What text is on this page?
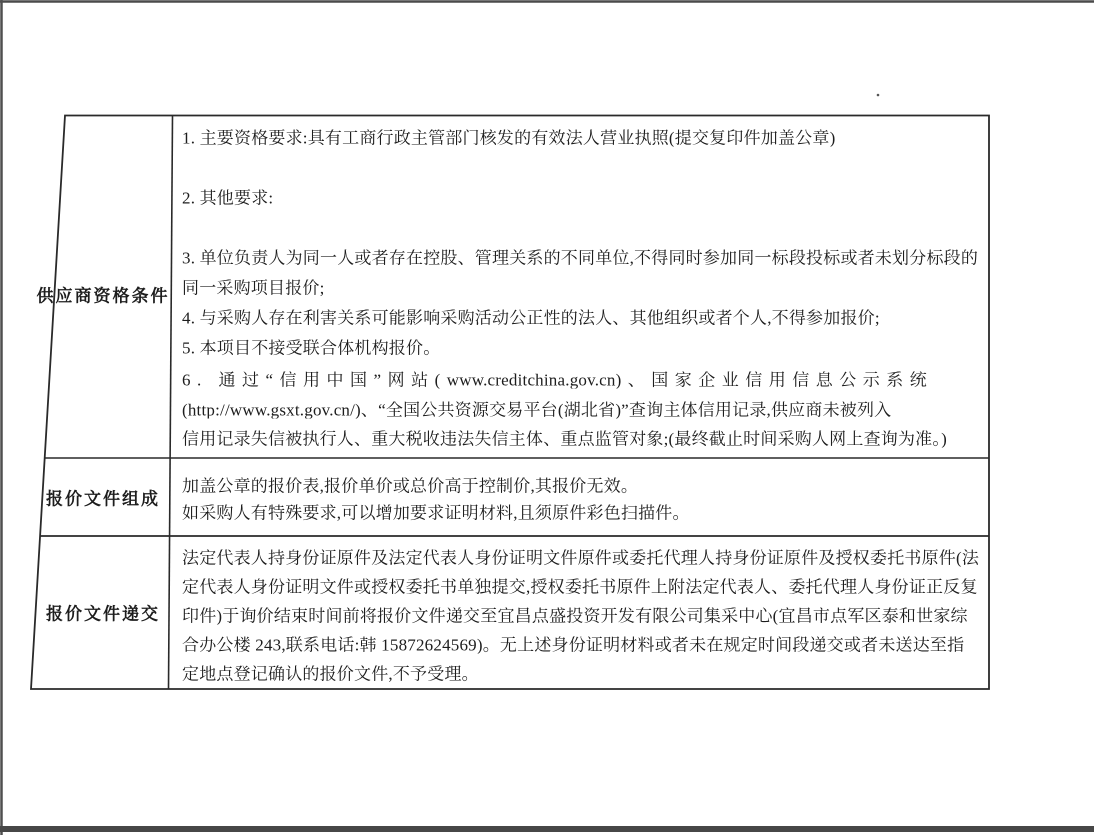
供应商资格条件
1. 主要资格要求:具有工商行政主管部门核发的有效法人营业执照(提交复印件加盖公章)
2. 其他要求:
3. 单位负责人为同一人或者存在控股、管理关系的不同单位,不得同时参加同一标段投标或者未划分标段的
同一采购项目报价;
4. 与采购人存在利害关系可能影响采购活动公正性的法人、其他组织或者个人,不得参加报价;
5. 本项目不接受联合体机构报价。
6. 通过“信用中国”网站(www.creditchina.gov.cn)、国家企业信用信息公示系统
(http://www.gsxt.gov.cn/)、“全国公共资源交易平台(湖北省)”查询主体信用记录,供应商未被列入
信用记录失信被执行人、重大税收违法失信主体、重点监管对象;(最终截止时间采购人网上查询为准。)
报价文件组成
加盖公章的报价表,报价单价或总价高于控制价,其报价无效。
如采购人有特殊要求,可以增加要求证明材料,且须原件彩色扫描件。
报价文件递交
法定代表人持身份证原件及法定代表人身份证明文件原件或委托代理人持身份证原件及授权委托书原件(法
定代表人身份证明文件或授权委托书单独提交,授权委托书原件上附法定代表人、委托代理人身份证正反复
印件)于询价结束时间前将报价文件递交至宜昌点盛投资开发有限公司集采中心(宜昌市点军区泰和世家综
合办公楼 243,联系电话:韩 15872624569)。无上述身份证明材料或者未在规定时间段递交或者未送达至指
定地点登记确认的报价文件,不予受理。
